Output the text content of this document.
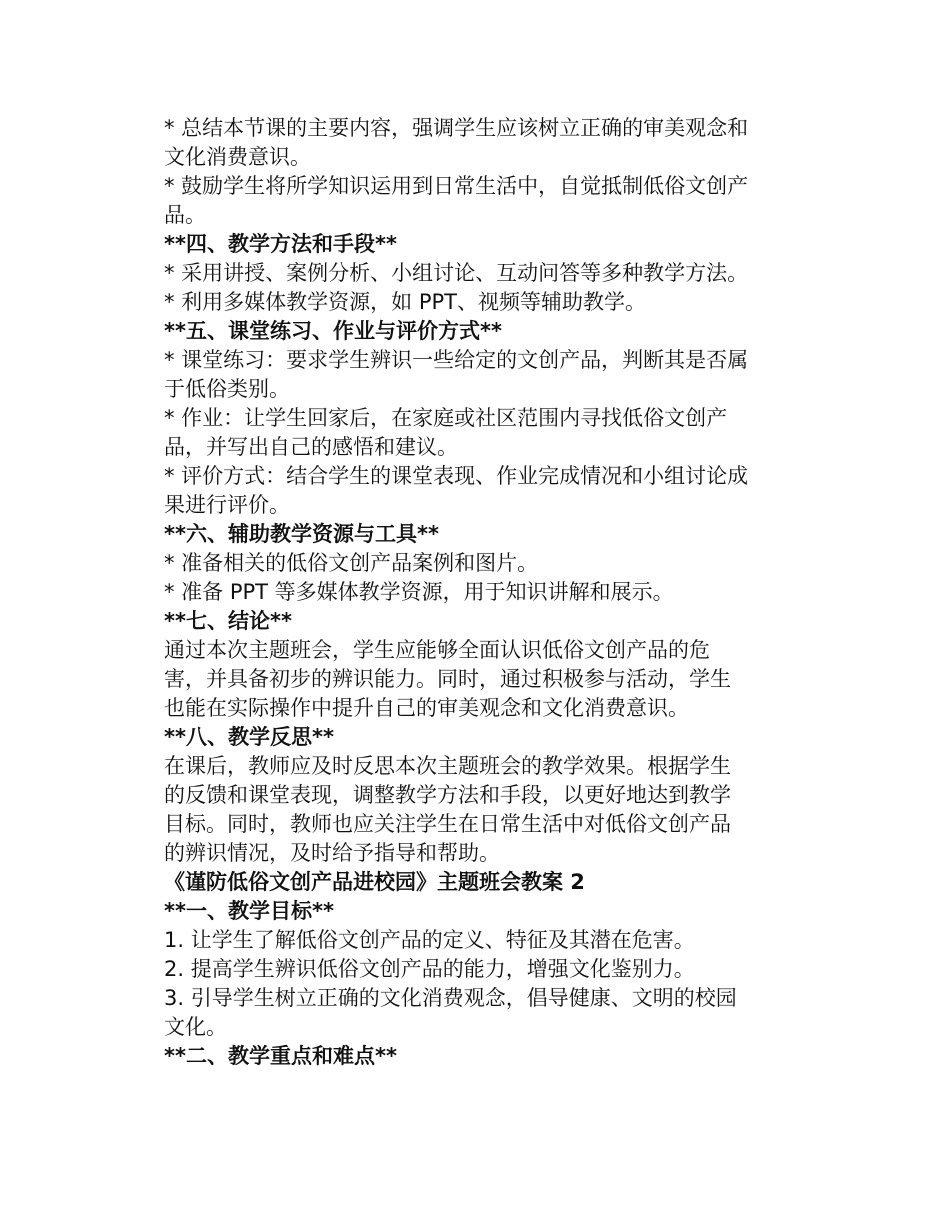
* 总结本节课的主要内容，强调学生应该树立正确的审美观念和

文化消费意识。

* 鼓励学生将所学知识运用到日常生活中，自觉抵制低俗文创产

品。

**四、教学方法和手段**

* 采用讲授、案例分析、小组讨论、互动问答等多种教学方法。

* 利用多媒体教学资源，如 PPT、视频等辅助教学。

**五、课堂练习、作业与评价方式**

* 课堂练习：要求学生辨识一些给定的文创产品，判断其是否属

于低俗类别。

* 作业：让学生回家后，在家庭或社区范围内寻找低俗文创产

品，并写出自己的感悟和建议。

* 评价方式：结合学生的课堂表现、作业完成情况和小组讨论成

果进行评价。

**六、辅助教学资源与工具**

* 准备相关的低俗文创产品案例和图片。

* 准备 PPT 等多媒体教学资源，用于知识讲解和展示。

**七、结论**

通过本次主题班会，学生应能够全面认识低俗文创产品的危

害，并具备初步的辨识能力。同时，通过积极参与活动，学生

也能在实际操作中提升自己的审美观念和文化消费意识。

**八、教学反思**

在课后，教师应及时反思本次主题班会的教学效果。根据学生

的反馈和课堂表现，调整教学方法和手段，以更好地达到教学

目标。同时，教师也应关注学生在日常生活中对低俗文创产品

的辨识情况，及时给予指导和帮助。

《谨防低俗文创产品进校园》主题班会教案 2

**一、教学目标**

1. 让学生了解低俗文创产品的定义、特征及其潜在危害。

2. 提高学生辨识低俗文创产品的能力，增强文化鉴别力。

3. 引导学生树立正确的文化消费观念，倡导健康、文明的校园

文化。

**二、教学重点和难点**
